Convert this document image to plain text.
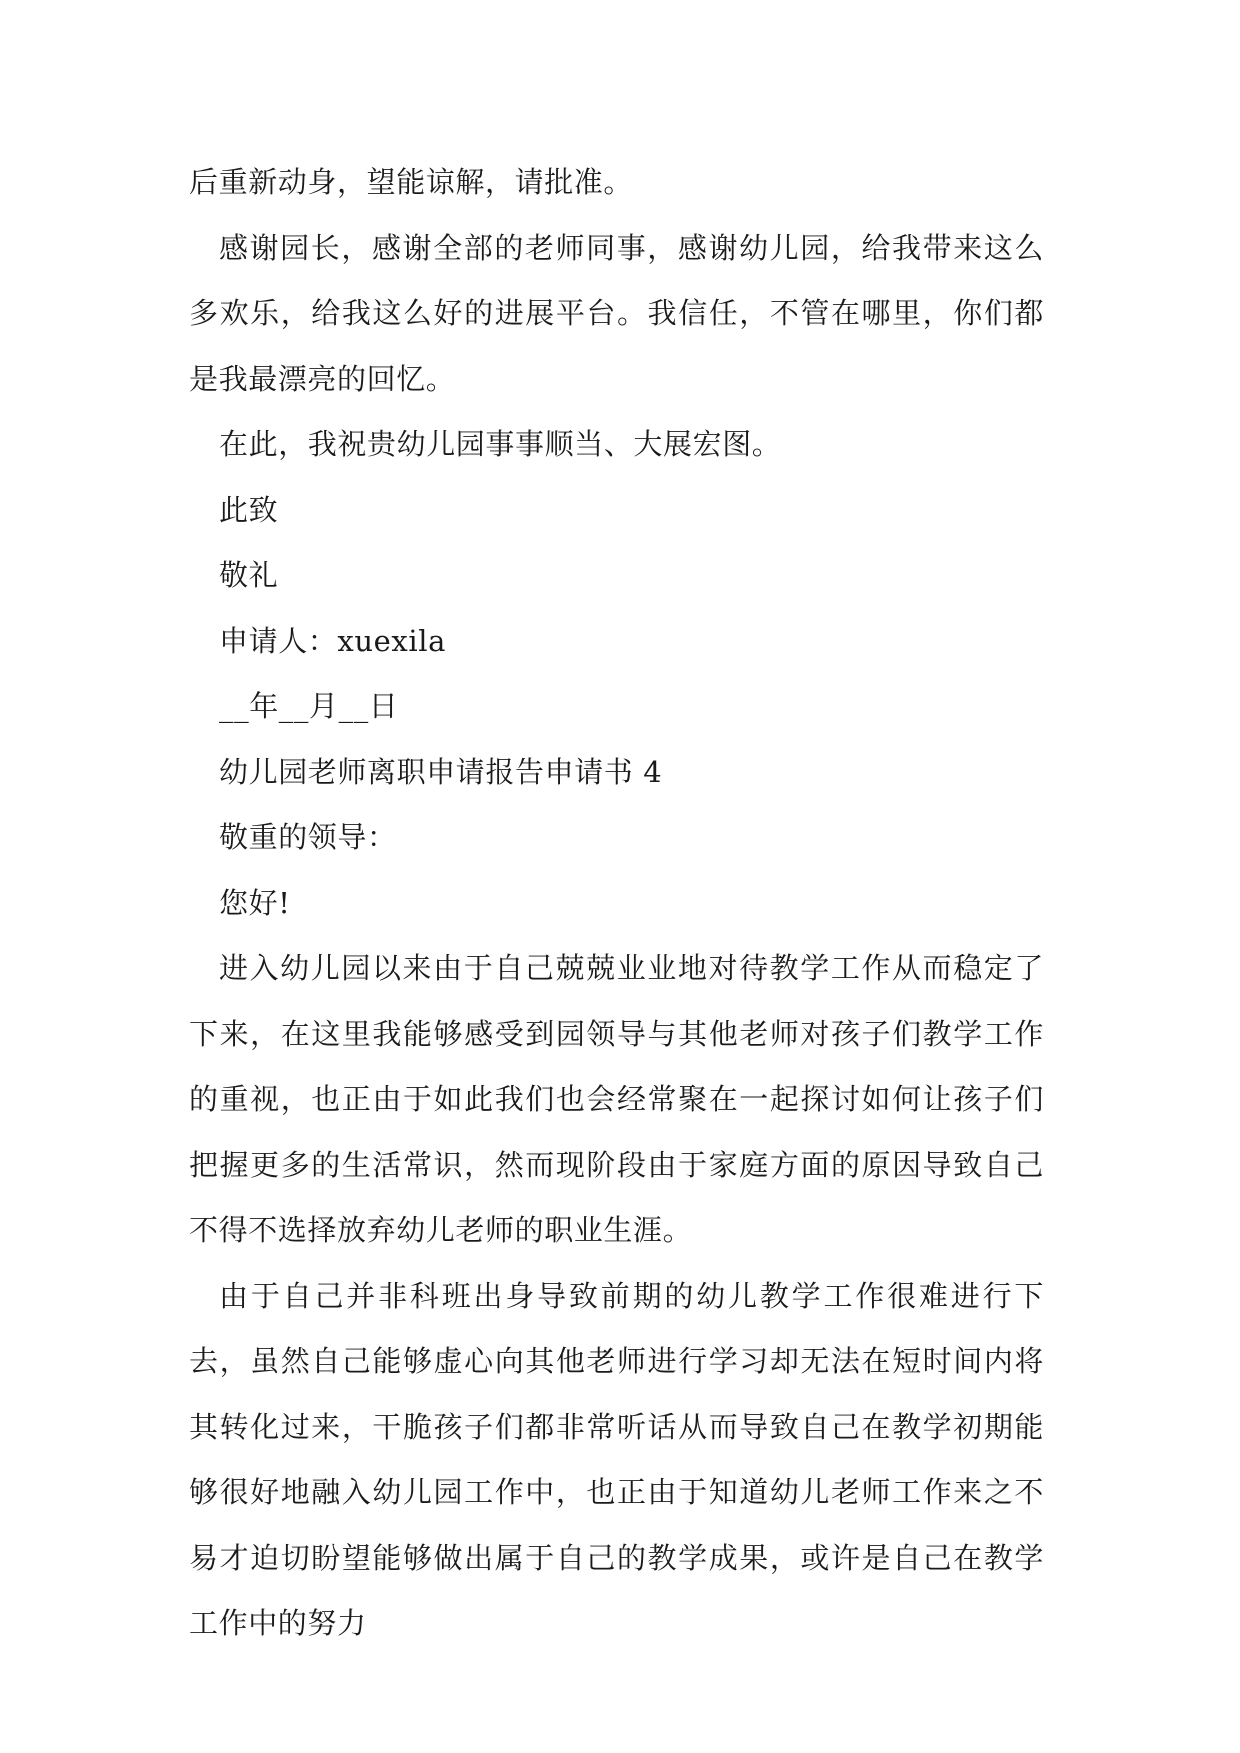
后重新动身，望能谅解，请批准。

感谢园长，感谢全部的老师同事，感谢幼儿园，给我带来这么多欢乐，给我这么好的进展平台。我信任，不管在哪里，你们都是我最漂亮的回忆。

在此，我祝贵幼儿园事事顺当、大展宏图。

此致

敬礼

申请人：xuexila

__年__月__日

幼儿园老师离职申请报告申请书 4

敬重的领导：

您好!

进入幼儿园以来由于自己兢兢业业地对待教学工作从而稳定了下来，在这里我能够感受到园领导与其他老师对孩子们教学工作的重视，也正由于如此我们也会经常聚在一起探讨如何让孩子们把握更多的生活常识，然而现阶段由于家庭方面的原因导致自己不得不选择放弃幼儿老师的职业生涯。

由于自己并非科班出身导致前期的幼儿教学工作很难进行下去，虽然自己能够虚心向其他老师进行学习却无法在短时间内将其转化过来，干脆孩子们都非常听话从而导致自己在教学初期能够很好地融入幼儿园工作中，也正由于知道幼儿老师工作来之不易才迫切盼望能够做出属于自己的教学成果，或许是自己在教学工作中的努力
